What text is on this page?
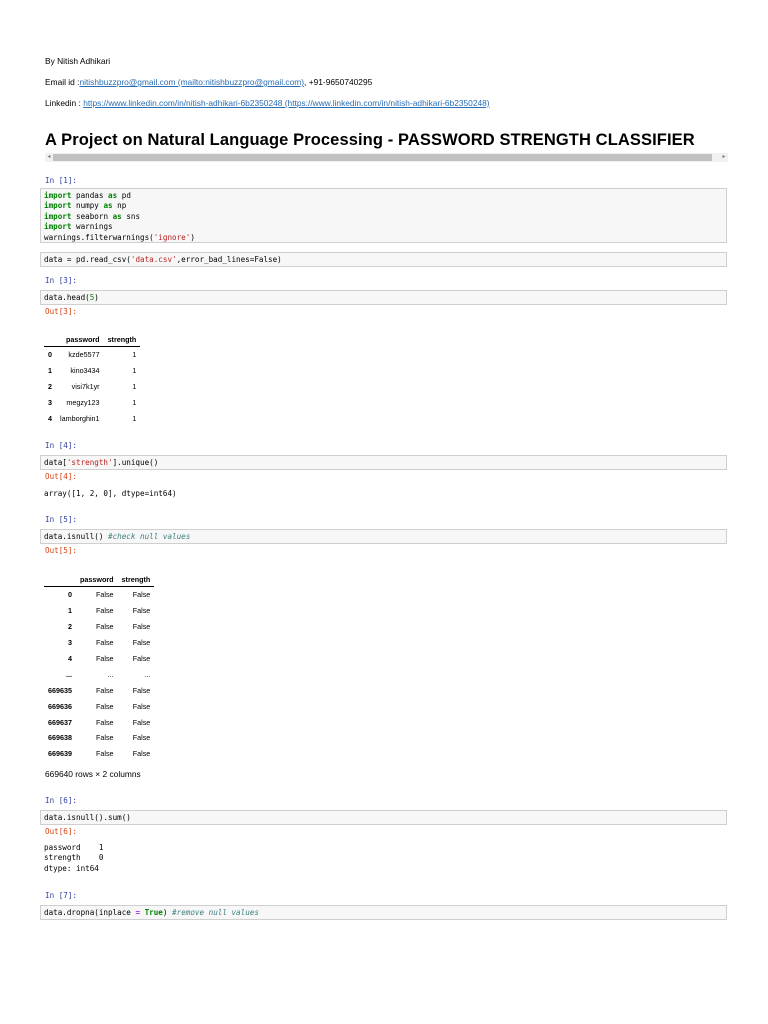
By Nitish Adhikari
Email id :nitishbuzzpro@gmail.com (mailto:nitishbuzzpro@gmail.com), +91-9650740295
Linkedin : https://www.linkedin.com/in/nitish-adhikari-6b2350248 (https://www.linkedin.com/in/nitish-adhikari-6b2350248)
A Project on Natural Language Processing - PASSWORD STRENGTH CLASSIFIER
◂	▸
In [1]:
import pandas as pd
import numpy as np
import seaborn as sns
import warnings
warnings.filterwarnings('ignore')
data = pd.read_csv('data.csv',error_bad_lines=False)
In [3]:
data.head(5)
Out[3]:
	password	strength
0	kzde5577	1
1	kino3434	1
2	visi7k1yr	1
3	megzy123	1
4	lamborghin1	1
In [4]:
data['strength'].unique()
Out[4]:
array([1, 2, 0], dtype=int64)
In [5]:
data.isnull() #check null values
Out[5]:
	password	strength
0	False	False
1	False	False
2	False	False
3	False	False
4	False	False
...	...	...
669635	False	False
669636	False	False
669637	False	False
669638	False	False
669639	False	False
669640 rows × 2 columns
In [6]:
data.isnull().sum()
Out[6]:
password    1
strength    0
dtype: int64
In [7]:
data.dropna(inplace = True) #remove null values
